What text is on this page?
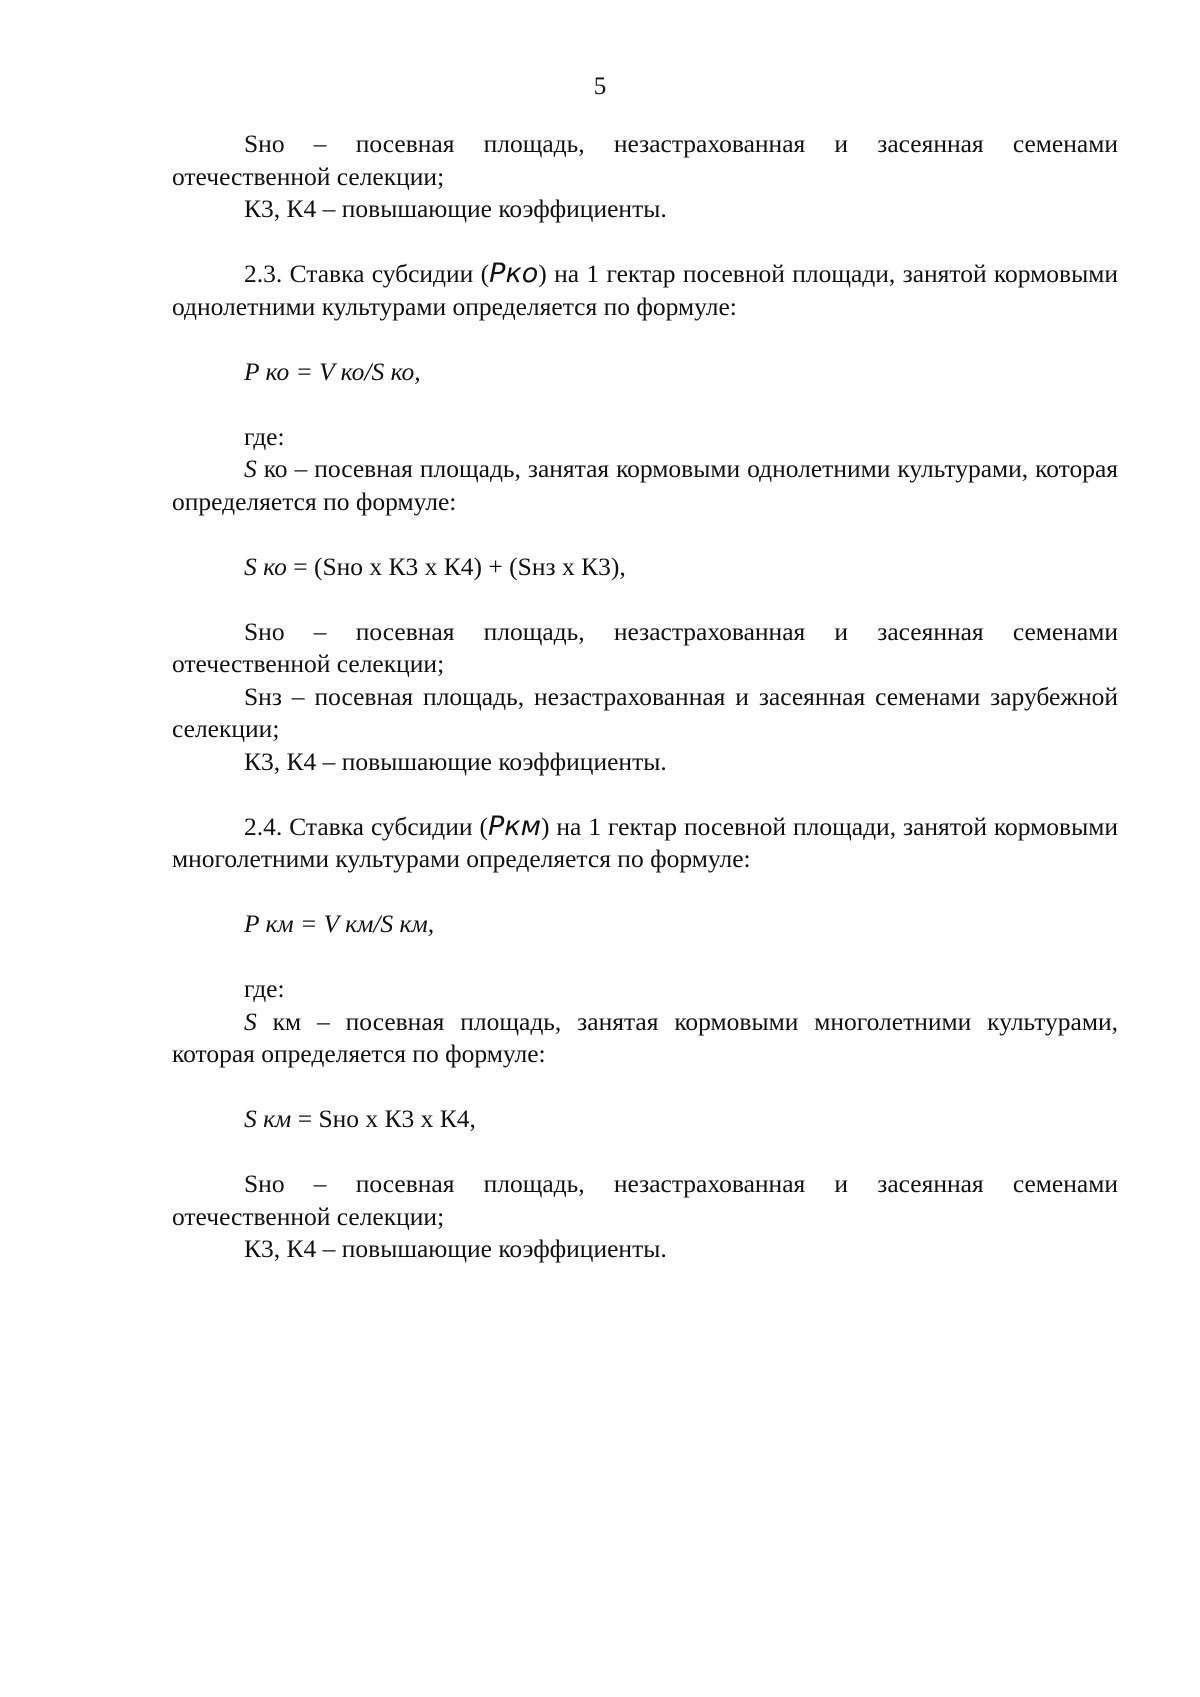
5

Sно – посевная площадь, незастрахованная и засеянная семенами отечественной селекции;

К3, К4 – повышающие коэффициенты.

2.3. Ставка субсидии (Pко) на 1 гектар посевной площади, занятой кормовыми однолетними культурами определяется по формуле:

P ко = V ко/S ко,

где:

S ко – посевная площадь, занятая кормовыми однолетними культурами, которая определяется по формуле:

S ко = (Sно х К3 х К4) + (Sнз х К3),

Sно – посевная площадь, незастрахованная и засеянная семенами отечественной селекции;

Sнз – посевная площадь, незастрахованная и засеянная семенами зарубежной селекции;

К3, К4 – повышающие коэффициенты.

2.4. Ставка субсидии (Pкм) на 1 гектар посевной площади, занятой кормовыми многолетними культурами определяется по формуле:

P км = V км/S км,

где:

S км – посевная площадь, занятая кормовыми многолетними культурами, которая определяется по формуле:

S км = Sно х К3 х К4,

Sно – посевная площадь, незастрахованная и засеянная семенами отечественной селекции;

К3, К4 – повышающие коэффициенты.
